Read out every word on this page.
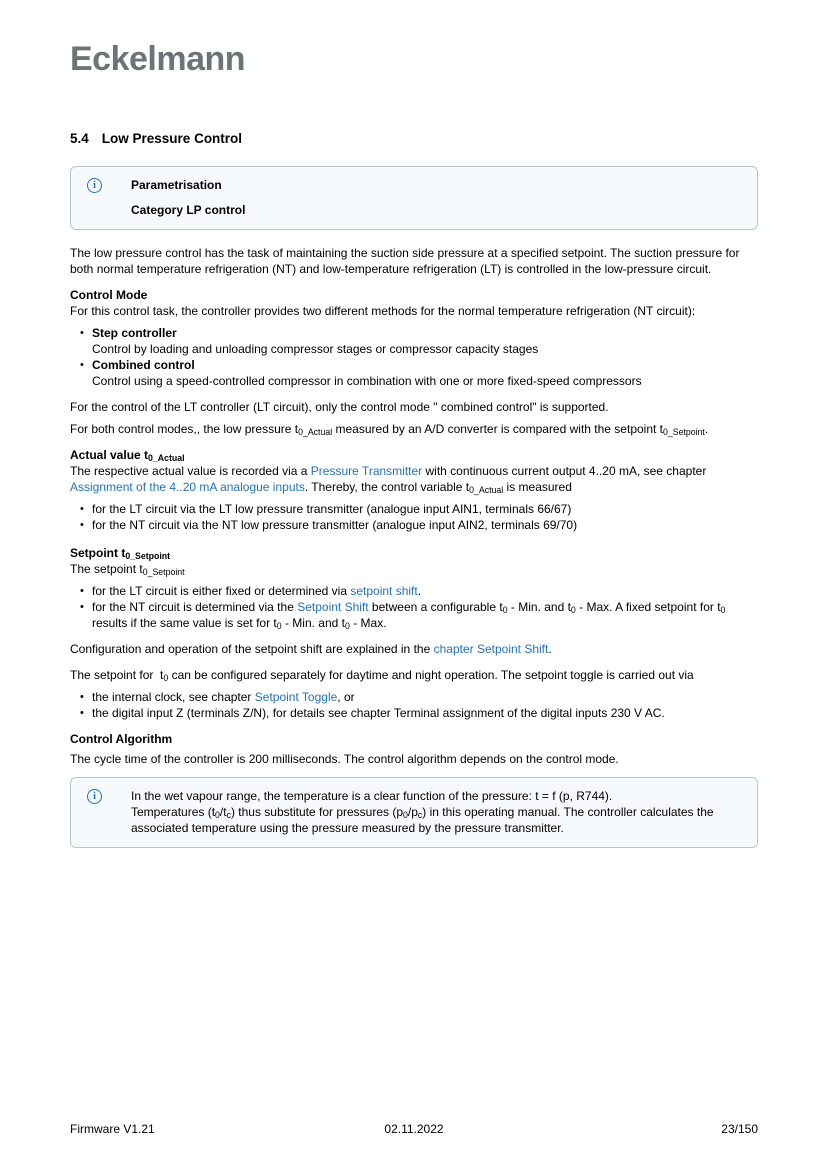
Eckelmann
5.4 Low Pressure Control
i	Parametrisation
Category LP control

The low pressure control has the task of maintaining the suction side pressure at a specified setpoint. The suction pressure for both normal temperature refrigeration (NT) and low-temperature refrigeration (LT) is controlled in the low-pressure circuit.

Control Mode

For this control task, the controller provides two different methods for the normal temperature refrigeration (NT circuit):

• Step controller
Control by loading and unloading compressor stages or compressor capacity stages
• Combined control
Control using a speed-controlled compressor in combination with one or more fixed-speed compressors

For the control of the LT controller (LT circuit), only the control mode " combined control" is supported.

For both control modes,, the low pressure t0_Actual measured by an A/D converter is compared with the setpoint t0_Setpoint.

Actual value t0_Actual

The respective actual value is recorded via a Pressure Transmitter with continuous current output 4..20 mA, see chapter Assignment of the 4..20 mA analogue inputs. Thereby, the control variable t0_Actual is measured

• for the LT circuit via the LT low pressure transmitter (analogue input AIN1, terminals 66/67)
• for the NT circuit via the NT low pressure transmitter (analogue input AIN2, terminals 69/70)
Setpoint t0_Setpoint

The setpoint t0_Setpoint

• for the LT circuit is either fixed or determined via setpoint shift.
• for the NT circuit is determined via the Setpoint Shift between a configurable t0 - Min. and t0 - Max. A fixed setpoint for t0 results if the same value is set for t0 - Min. and t0 - Max.

Configuration and operation of the setpoint shift are explained in the chapter Setpoint Shift.

The setpoint for  t0 can be configured separately for daytime and night operation. The setpoint toggle is carried out via

• the internal clock, see chapter Setpoint Toggle, or
• the digital input Z (terminals Z/N), for details see chapter Terminal assignment of the digital inputs 230 V AC.
Control Algorithm

The cycle time of the controller is 200 milliseconds. The control algorithm depends on the control mode.

i	In the wet vapour range, the temperature is a clear function of the pressure: t = f (p, R744).
Temperatures (t0/tc) thus substitute for pressures (p0/pc) in this operating manual. The controller calculates the associated temperature using the pressure measured by the pressure transmitter.
Firmware V1.21	02.11.2022	23/150
